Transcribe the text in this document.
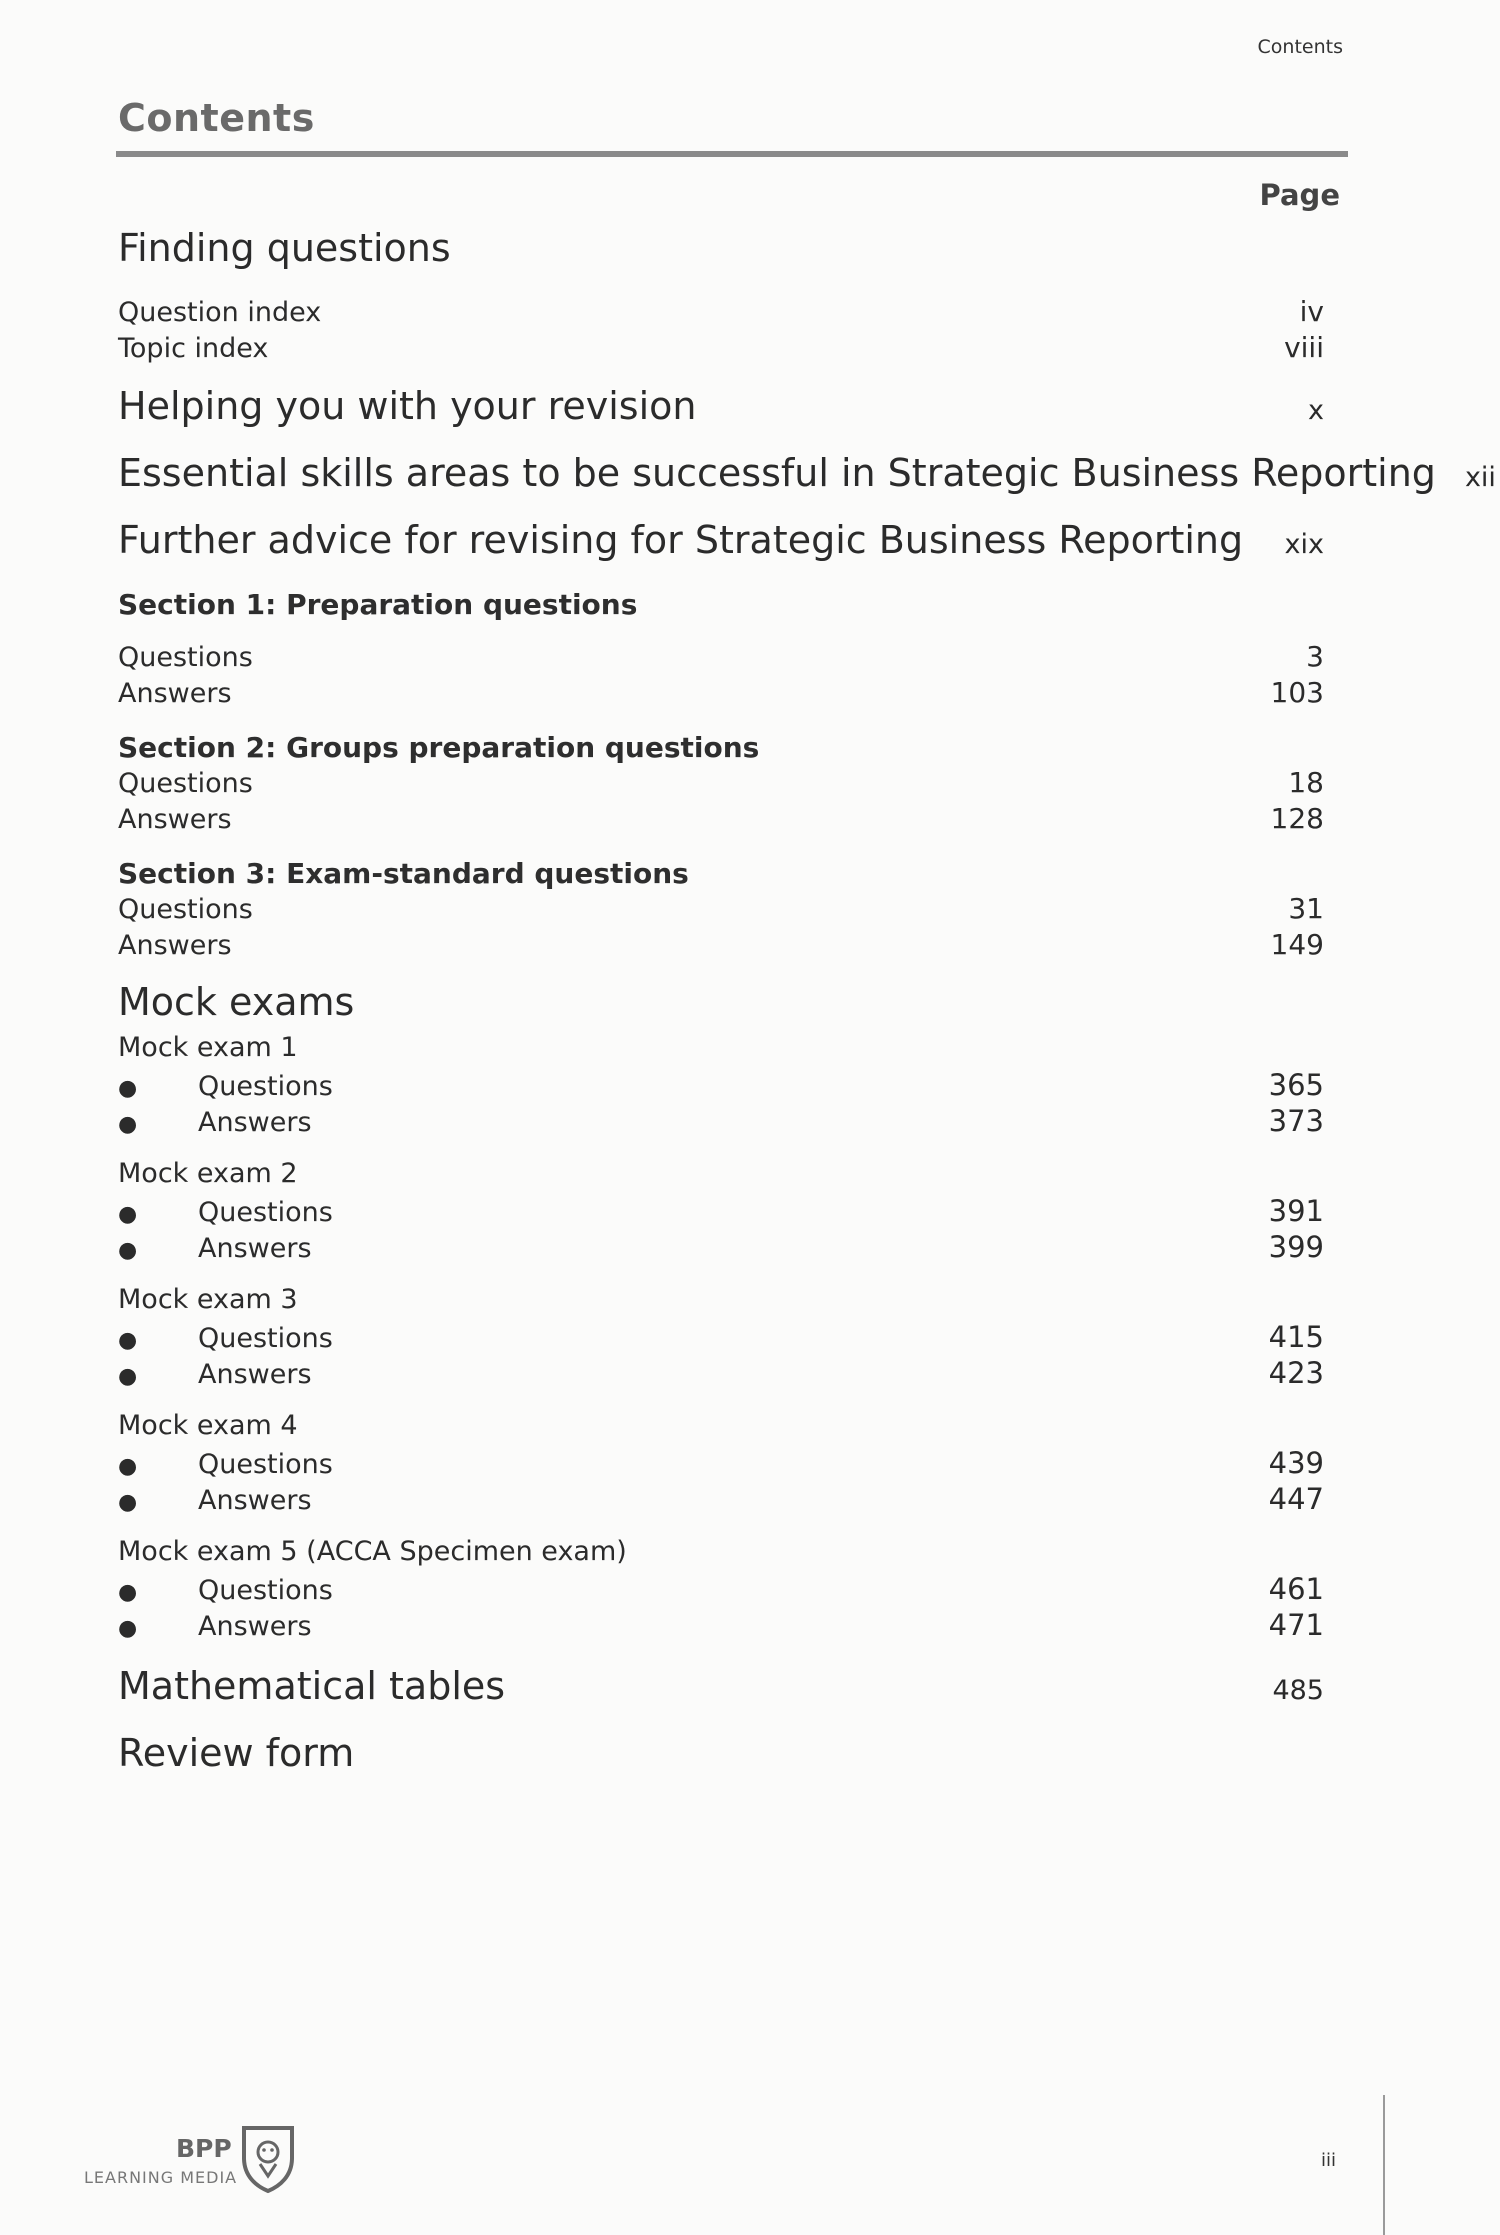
Contents
Contents
Page
Finding questions
Question index	iv
Topic index	viii
Helping you with your revision	x
Essential skills areas to be successful in Strategic Business Reporting	xii
Further advice for revising for Strategic Business Reporting	xix
Section 1: Preparation questions
Questions	3
Answers	103
Section 2: Groups preparation questions
Questions	18
Answers	128
Section 3: Exam-standard questions
Questions	31
Answers	149
Mock exams
Mock exam 1
● Questions	365
● Answers	373
Mock exam 2
● Questions	391
● Answers	399
Mock exam 3
● Questions	415
● Answers	423
Mock exam 4
● Questions	439
● Answers	447
Mock exam 5 (ACCA Specimen exam)
● Questions	461
● Answers	471
Mathematical tables	485
Review form
BPP
LEARNING MEDIA
iii
